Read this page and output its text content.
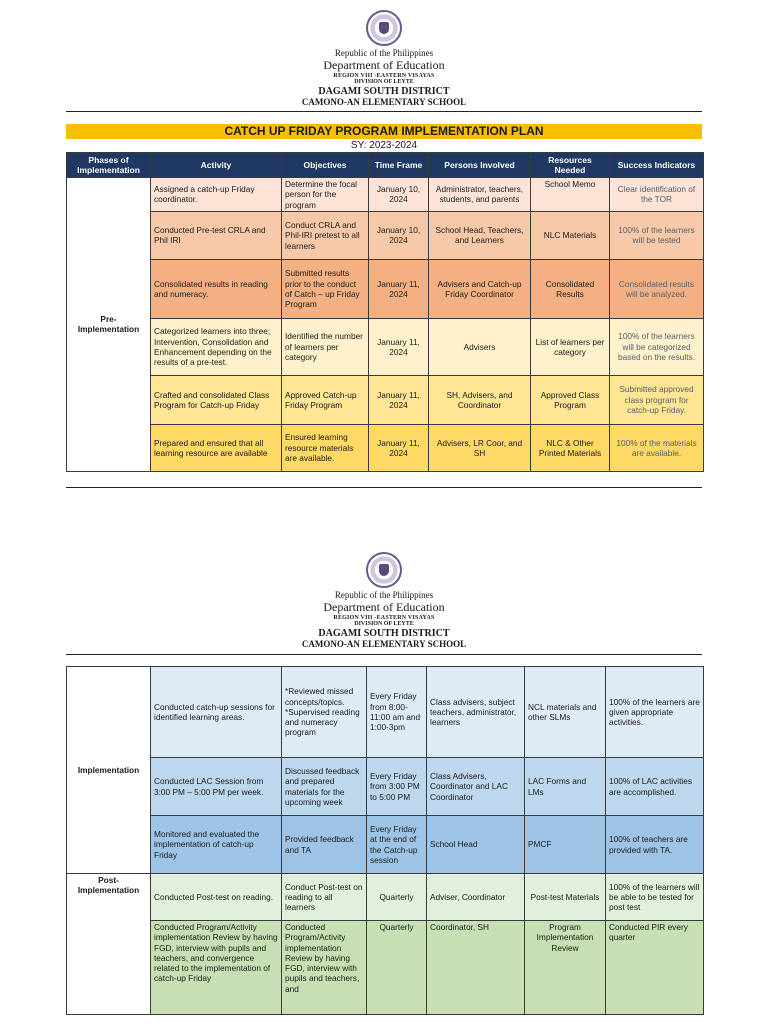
Republic of the Philippines
Department of Education
REGION VIII -EASTERN VISAYAS
DIVISION OF LEYTE
DAGAMI SOUTH DISTRICT
CAMONO-AN ELEMENTARY SCHOOL
CATCH UP FRIDAY PROGRAM IMPLEMENTATION PLAN
SY: 2023-2024
Phases of Implementation	Activity	Objectives	Time Frame	Persons Involved	Resources Needed	Success Indicators
Pre-Implementation	Assigned a catch-up Friday coordinator.	Determine the focal person for the program	January 10, 2024	Administrator, teachers, students, and parents	School Memo	Clear identification of the TOR
	Conducted Pre-test CRLA and Phil IRI	Conduct CRLA and Phil-IRI pretest to all learners	January 10, 2024	School Head, Teachers, and Learners	NLC Materials	100% of the learners will be tested
	Consolidated results in reading and numeracy.	Submitted results prior to the conduct of Catch – up Friday Program	January 11, 2024	Advisers and Catch-up Friday Coordinator	Consolidated Results	Consolidated results will be analyzed.
	Categorized learners into three; Intervention, Consolidation and Enhancement depending on the results of a pre-test.	Identified the number of learners per category	January 11, 2024	Advisers	List of learners per category	100% of the learners will be categorized based on the results.
	Crafted and consolidated Class Program for Catch-up Friday	Approved Catch-up Friday Program	January 11, 2024	SH, Advisers, and Coordinator	Approved Class Program	Submitted approved class program for catch-up Friday.
	Prepared and ensured that all learning resource are available	Ensured learning resource materials are available.	January 11, 2024	Advisers, LR Coor, and SH	NLC & Other Printed Materials	100% of the materials are available.
Republic of the Philippines
Department of Education
REGION VIII -EASTERN VISAYAS
DIVISION OF LEYTE
DAGAMI SOUTH DISTRICT
CAMONO-AN ELEMENTARY SCHOOL
Implementation	Conducted catch-up sessions for identified learning areas.	*Reviewed missed concepts/topics. *Supervised reading and numeracy program	Every Friday from 8:00-11:00 am and 1:00-3pm	Class advisers, subject teachers, administrator, learners	NCL materials and other SLMs	100% of the learners are given appropriate activities.
	Conducted LAC Session from 3:00 PM – 5:00 PM per week.	Discussed feedback and prepared materials for the upcoming week	Every Friday from 3:00 PM to 5:00 PM	Class Advisers, Coordinator and LAC Coordinator	LAC Forms and LMs	100% of LAC activities are accomplished.
	Monitored and evaluated the implementation of catch-up Friday	Provided feedback and TA	Every Friday at the end of the Catch-up session	School Head	PMCF	100% of teachers are provided with TA.
Post-Implementation	Conducted Post-test on reading.	Conduct Post-test on reading to all learners	Quarterly	Adviser, Coordinator	Post-test Materials	100% of the learners will be able to be tested for post test
	Conducted Program/Activity implementation Review by having FGD, interview with pupils and teachers, and convergence related to the implementation of catch-up Friday	Conducted Program/Activity implementation Review by having FGD, interview with pupils and teachers, and	Quarterly	Coordinator, SH	Program Implementation Review	Conducted PIR every quarter
